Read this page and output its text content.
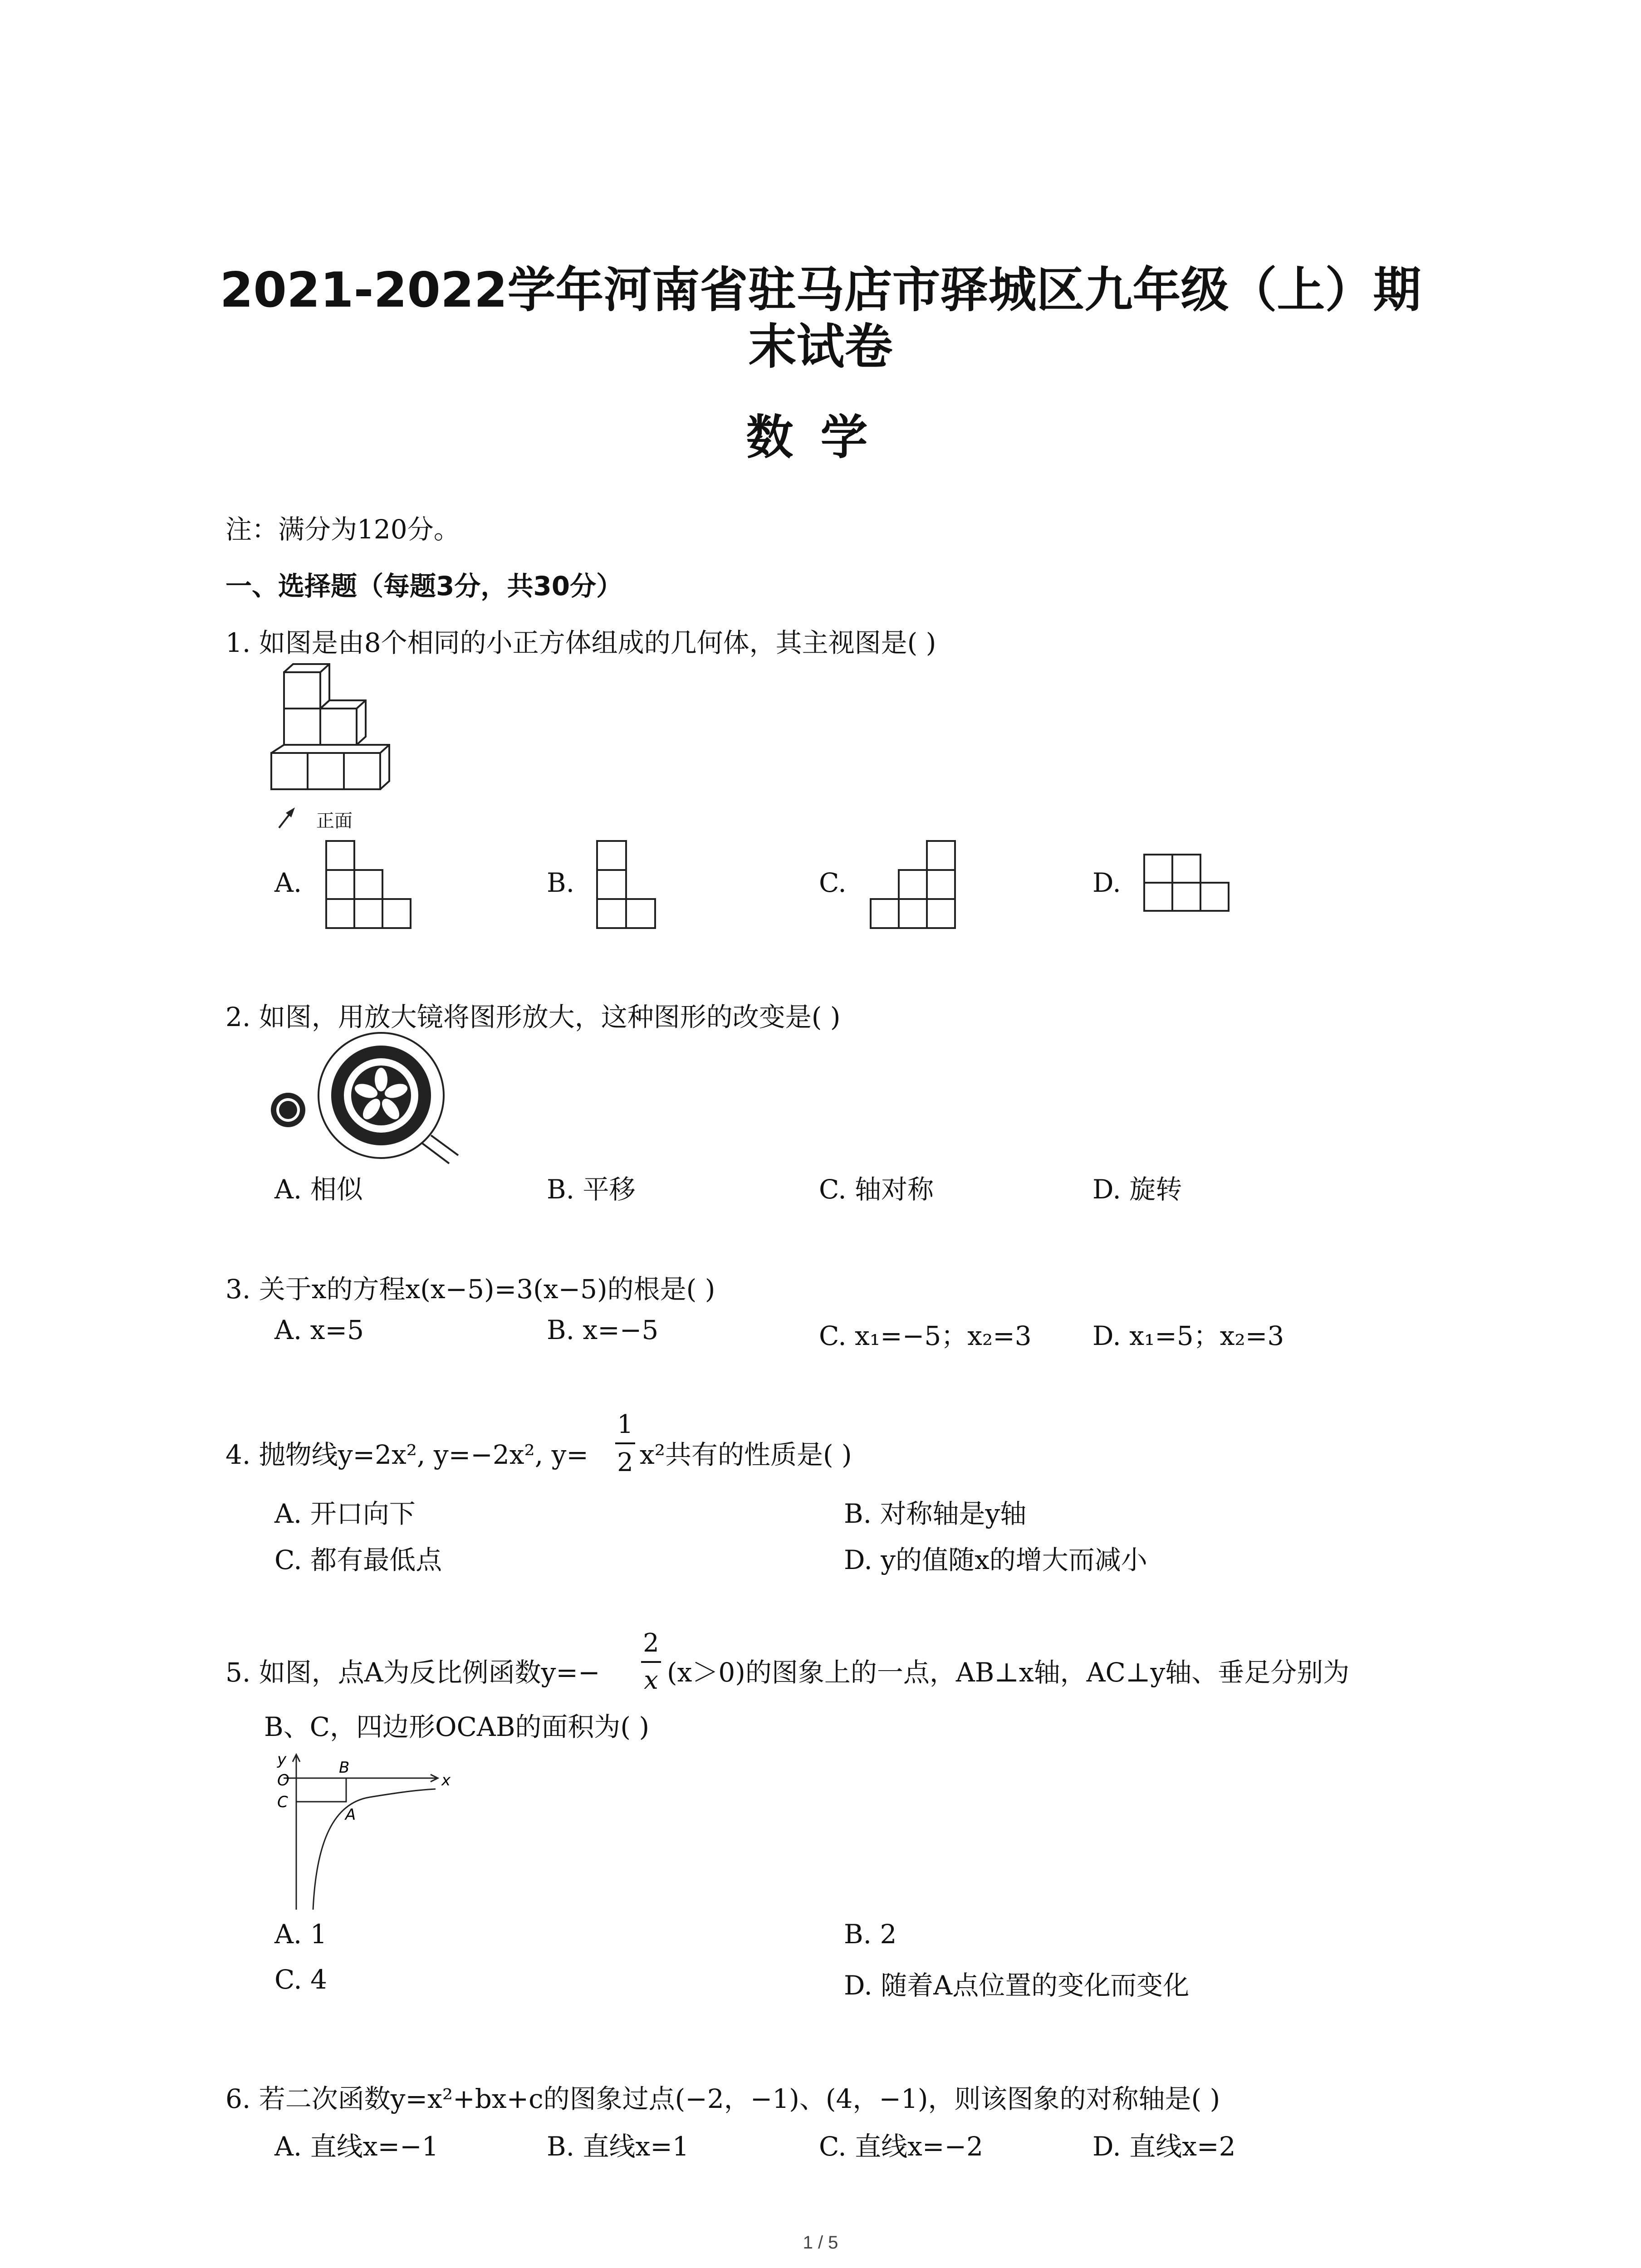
2021-2022学年河南省驻马店市驿城区九年级（上）期
末试卷
数学
注：满分为120分。
一、选择题（每题3分，共30分）
1. 如图是由8个相同的小正方体组成的几何体，其主视图是( )
正面
A.	B.	C.	D.
2. 如图，用放大镜将图形放大，这种图形的改变是( )
A. 相似	B. 平移	C. 轴对称	D. 旋转
3. 关于x的方程x(x−5)=3(x−5)的根是( )
A. x=5	B. x=−5	C. x₁=−5；x₂=3 D. x₁=5；x₂=3
4. 抛物线y=2x², y=−2x², y=
1
2 x²共有的性质是( )
A. 开口向下	B. 对称轴是y轴
C. 都有最低点	D. y的值随x的增大而减小
5. 如图，点A为反比例函数y=−
2
x (x＞0)的图象上的一点，AB⊥x轴，AC⊥y轴、垂足分别为
B、C，四边形OCAB的面积为( )
y
x
O
C
B
A
A. 1	B. 2
C. 4	D. 随着A点位置的变化而变化
6. 若二次函数y=x²+bx+c的图象过点(−2，−1)、(4，−1)，则该图象的对称轴是( )
A. 直线x=−1	B. 直线x=1	C. 直线x=−2	D. 直线x=2
1 / 5
